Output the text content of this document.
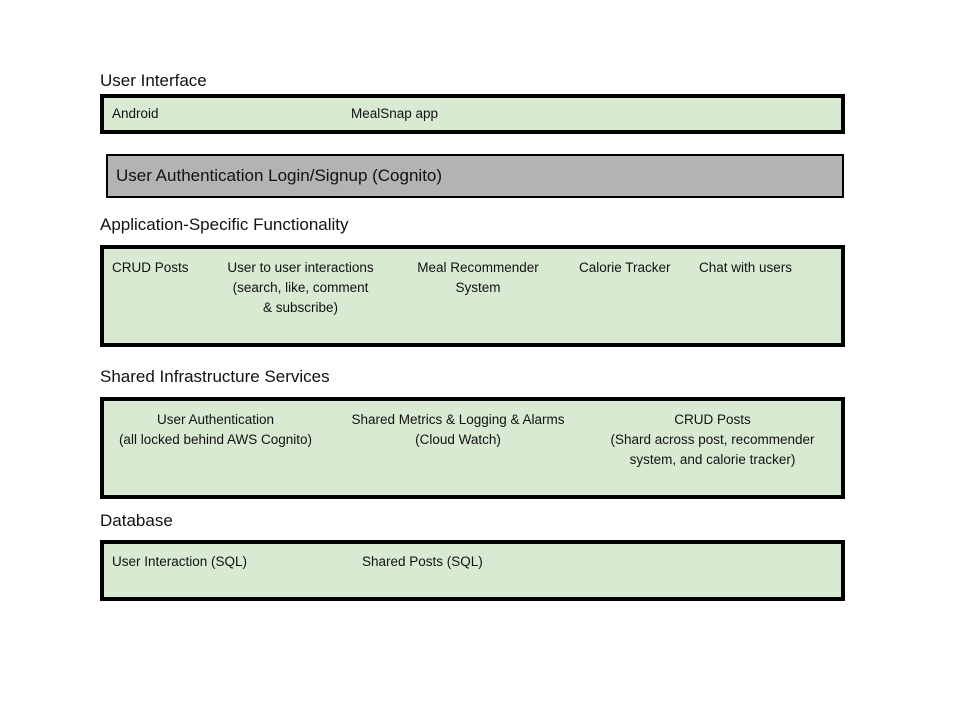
User Interface
Android	MealSnap app
User Authentication Login/Signup (Cognito)
Application-Specific Functionality
CRUD Posts	User to user interactions
(search, like, comment
& subscribe)
Meal Recommender
System
Calorie Tracker Chat with users
Shared Infrastructure Services
User Authentication
(all locked behind AWS Cognito)
Shared Metrics & Logging & Alarms
(Cloud Watch)
CRUD Posts
(Shard across post, recommender
system, and calorie tracker)
Database
User Interaction (SQL)	Shared Posts (SQL)
